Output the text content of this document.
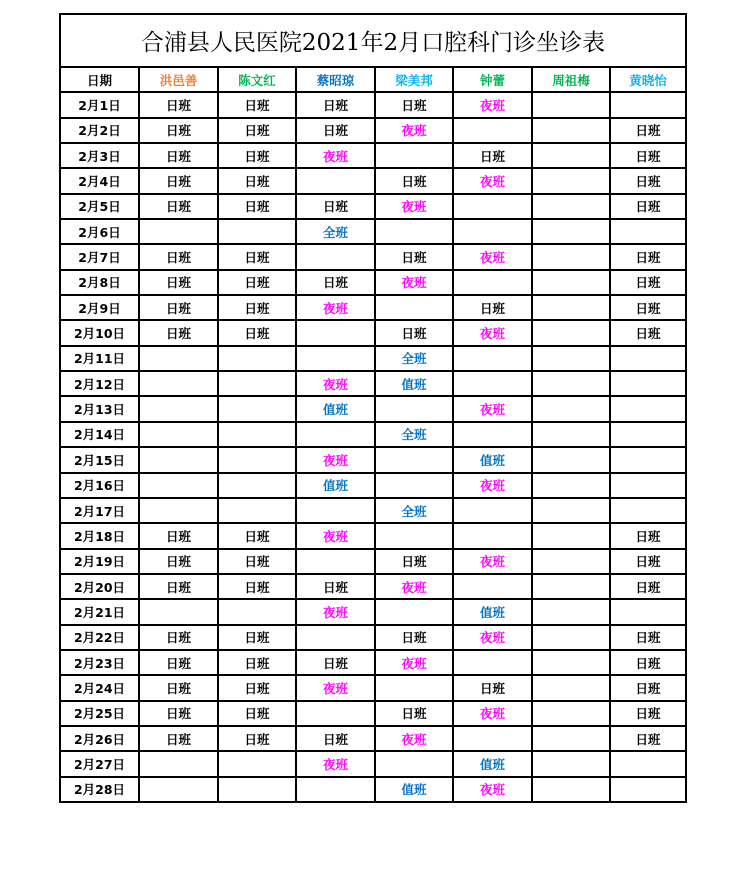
合浦县人民医院2021年2月口腔科门诊坐诊表
日期	洪邑善	陈文红	蔡昭琼	梁美邦	钟蕾	周祖梅	黄晓怡
2月1日	日班	日班	日班	日班	夜班		
2月2日	日班	日班	日班	夜班			日班
2月3日	日班	日班	夜班		日班		日班
2月4日	日班	日班		日班	夜班		日班
2月5日	日班	日班	日班	夜班			日班
2月6日			全班				
2月7日	日班	日班		日班	夜班		日班
2月8日	日班	日班	日班	夜班			日班
2月9日	日班	日班	夜班		日班		日班
2月10日	日班	日班		日班	夜班		日班
2月11日				全班			
2月12日			夜班	值班			
2月13日			值班		夜班		
2月14日				全班			
2月15日			夜班		值班		
2月16日			值班		夜班		
2月17日				全班			
2月18日	日班	日班	夜班				日班
2月19日	日班	日班		日班	夜班		日班
2月20日	日班	日班	日班	夜班			日班
2月21日			夜班		值班		
2月22日	日班	日班		日班	夜班		日班
2月23日	日班	日班	日班	夜班			日班
2月24日	日班	日班	夜班		日班		日班
2月25日	日班	日班		日班	夜班		日班
2月26日	日班	日班	日班	夜班			日班
2月27日			夜班		值班		
2月28日				值班	夜班		
